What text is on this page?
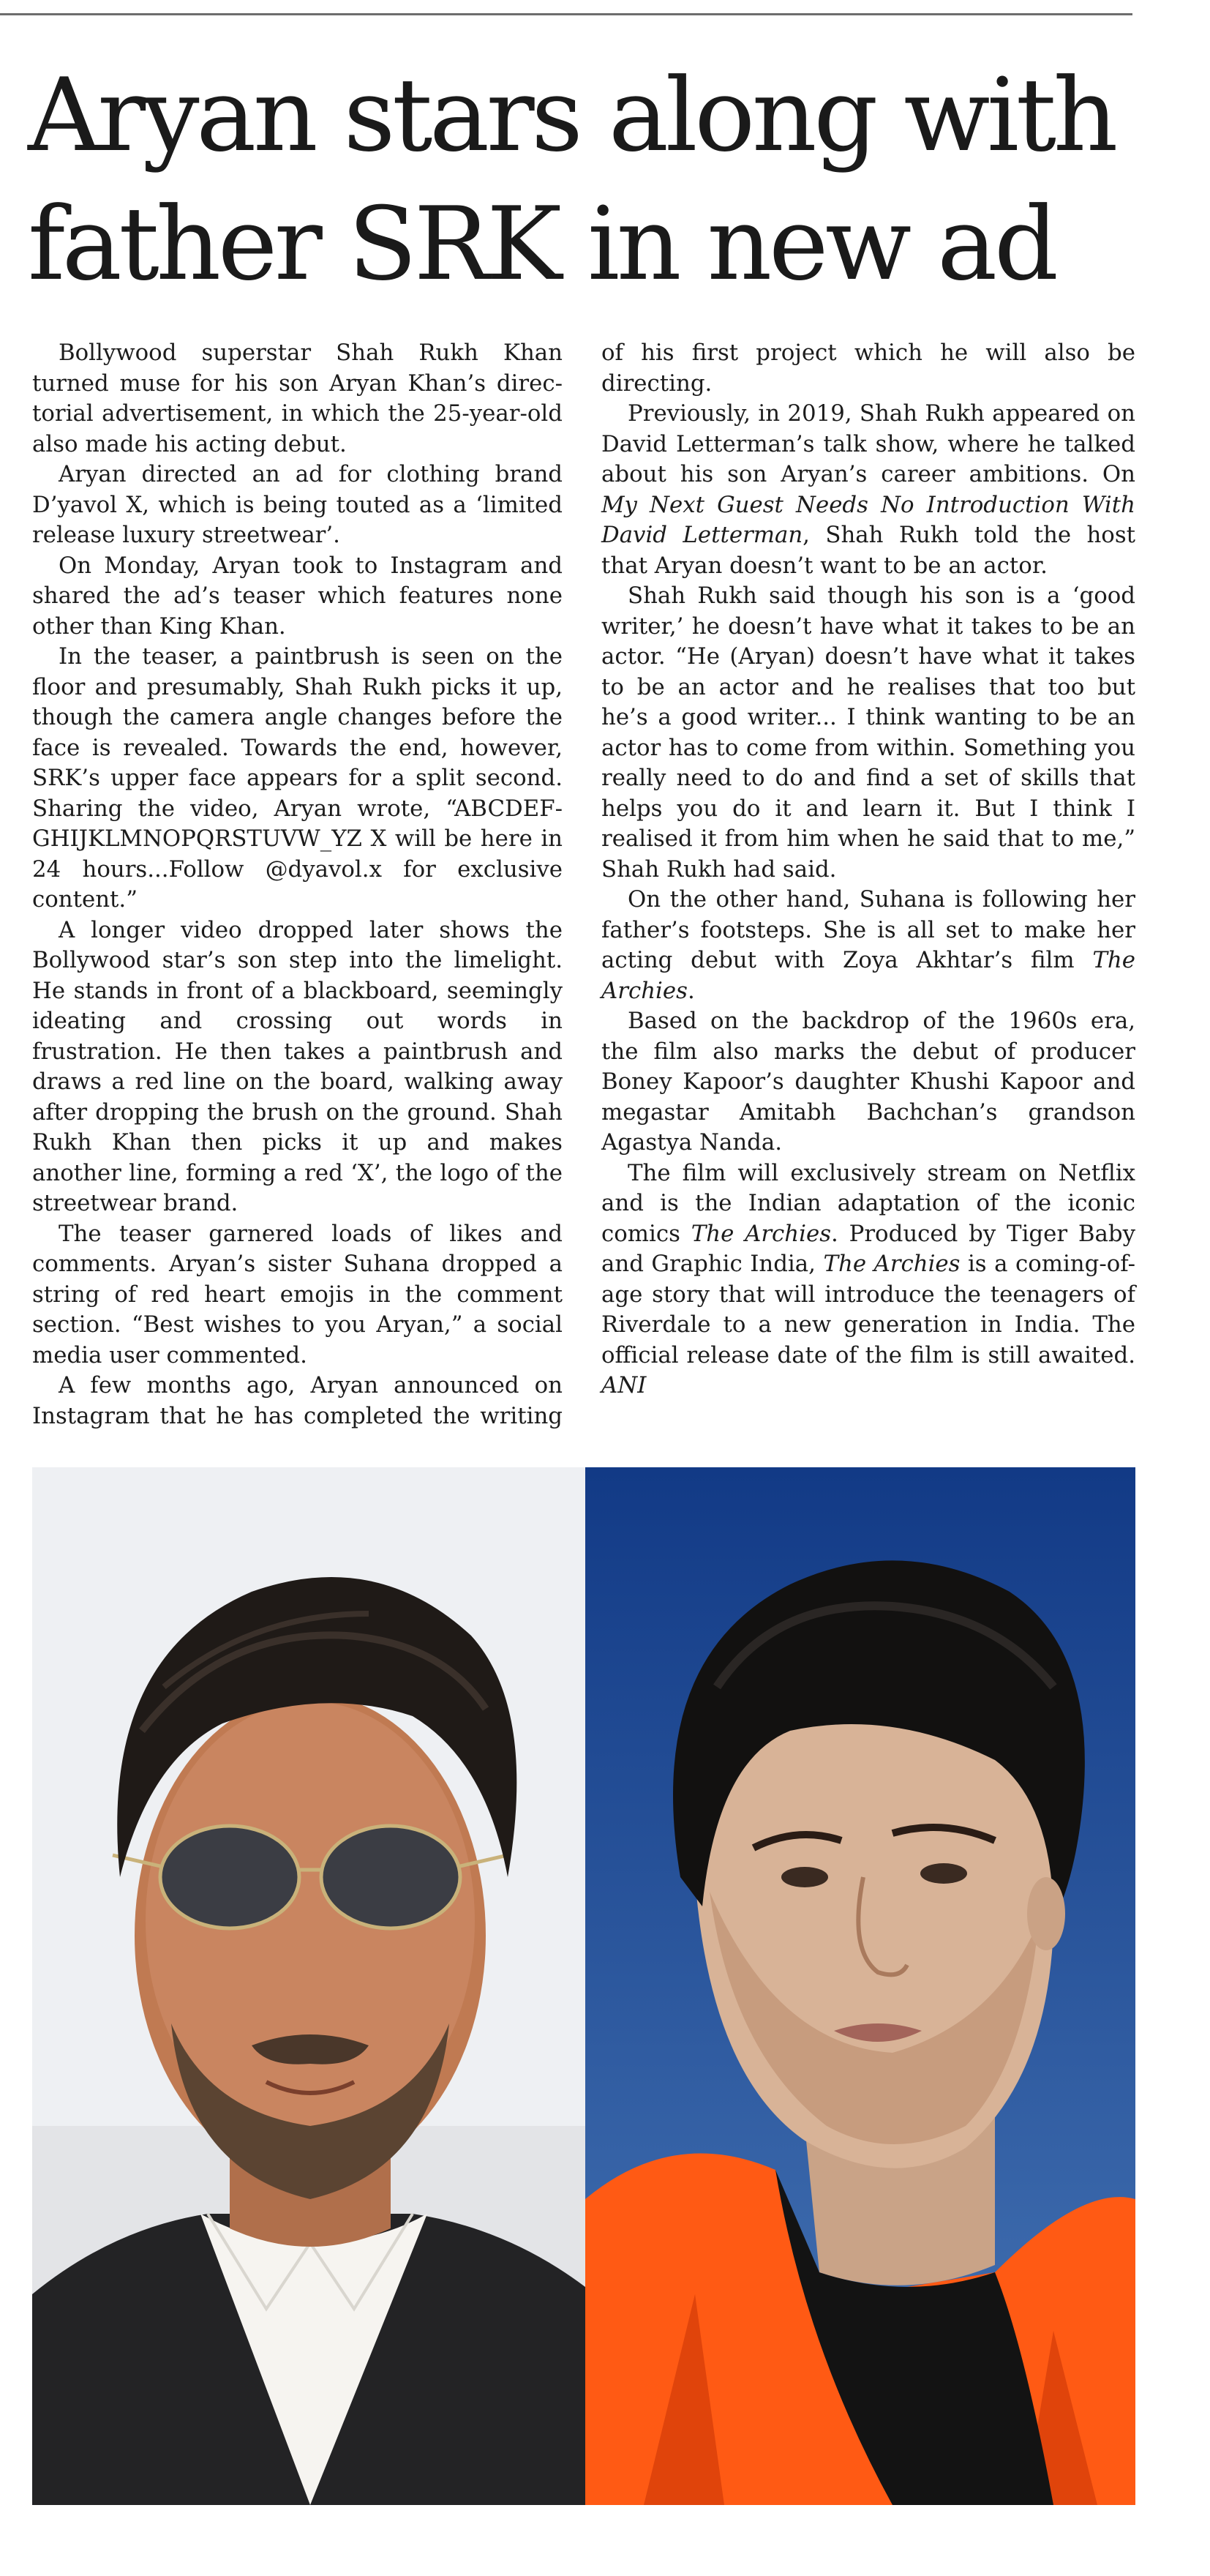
Aryan stars along with
father SRK in new ad

Bollywood superstar Shah Rukh Khan turned muse for his son Aryan Khan’s directorial advertisement, in which the 25-year-old also made his acting debut.

Aryan directed an ad for clothing brand D’yavol X, which is being touted as a ‘limited release luxury streetwear’.

On Monday, Aryan took to Instagram and shared the ad’s teaser which features none other than King Khan.

In the teaser, a paintbrush is seen on the floor and presumably, Shah Rukh picks it up, though the camera angle changes before the face is revealed. Towards the end, however, SRK’s upper face appears for a split second. Sharing the video, Aryan wrote, “ABCDEFGHIJKLMNOPQRSTUVW_YZ X will be here in 24 hours...Follow @dyavol.x for exclusive content.”

A longer video dropped later shows the Bollywood star’s son step into the limelight. He stands in front of a blackboard, seemingly ideating and crossing out words in frustration. He then takes a paintbrush and draws a red line on the board, walking away after dropping the brush on the ground. Shah Rukh Khan then picks it up and makes another line, forming a red ‘X’, the logo of the streetwear brand.

The teaser garnered loads of likes and comments. Aryan’s sister Suhana dropped a string of red heart emojis in the comment section. “Best wishes to you Aryan,” a social media user commented.

A few months ago, Aryan announced on Instagram that he has completed the writing

of his first project which he will also be directing.

Previously, in 2019, Shah Rukh appeared on David Letterman’s talk show, where he talked about his son Aryan’s career ambitions. On My Next Guest Needs No Introduction With David Letterman, Shah Rukh told the host that Aryan doesn’t want to be an actor.

Shah Rukh said though his son is a ‘good writer,’ he doesn’t have what it takes to be an actor. “He (Aryan) doesn’t have what it takes to be an actor and he realises that too but he’s a good writer... I think wanting to be an actor has to come from within. Something you really need to do and find a set of skills that helps you do it and learn it. But I think I realised it from him when he said that to me,” Shah Rukh had said.

On the other hand, Suhana is following her father’s footsteps. She is all set to make her acting debut with Zoya Akhtar’s film The Archies.

Based on the backdrop of the 1960s era, the film also marks the debut of producer Boney Kapoor’s daughter Khushi Kapoor and megastar Amitabh Bachchan’s grandson Agastya Nanda.

The film will exclusively stream on Netflix and is the Indian adaptation of the iconic comics The Archies. Produced by Tiger Baby and Graphic India, The Archies is a coming-of-age story that will introduce the teenagers of Riverdale to a new generation in India. The official release date of the film is still awaited. ANI
